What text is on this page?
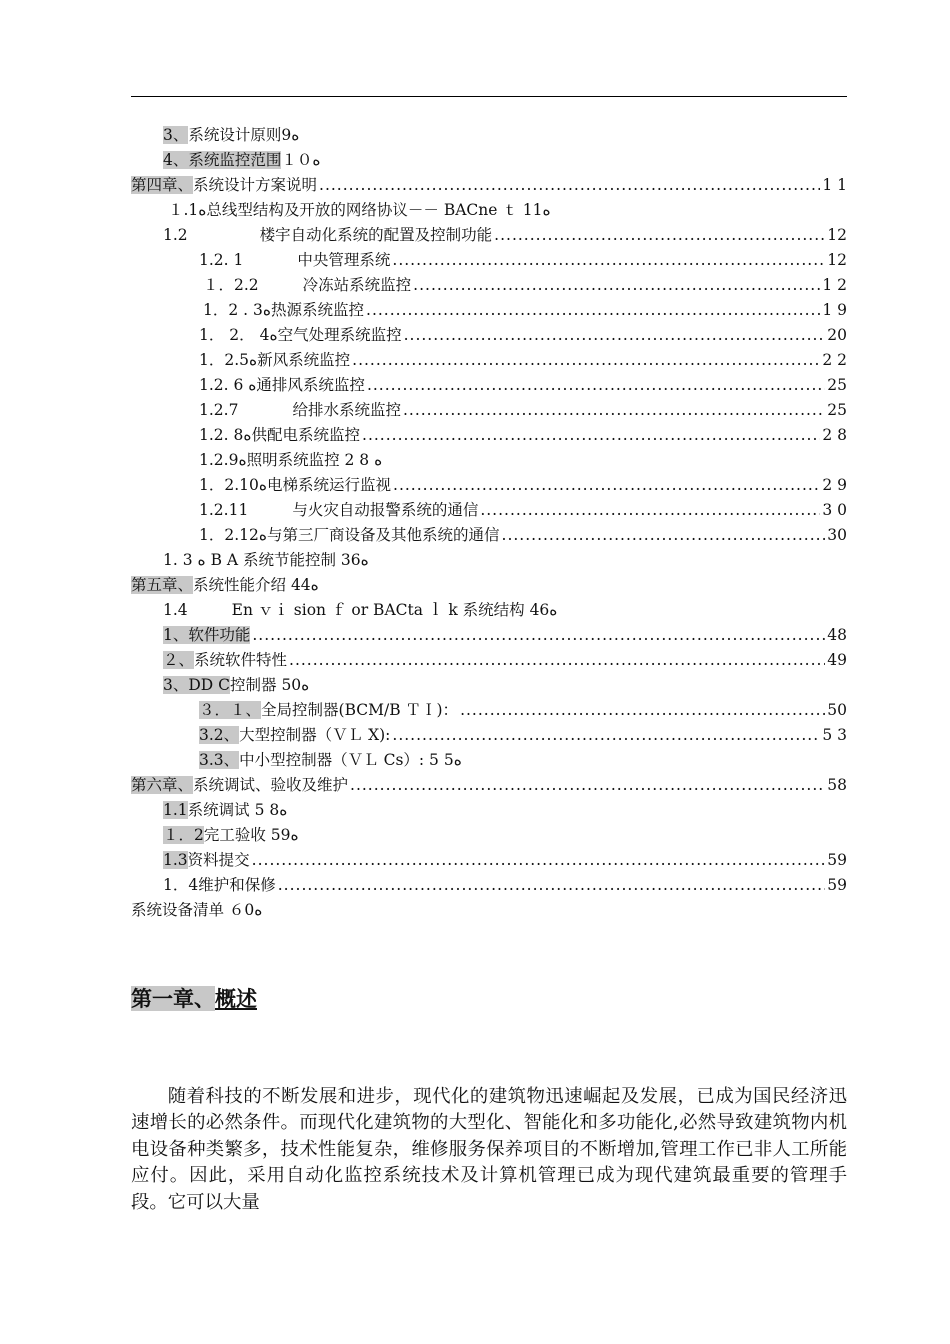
3、系统设计原则9ه
4、系统监控范围１０ه
第四章、系统设计方案说明 .....	1 1
１.1ه总线型结构及开放的网络协议－－ BACne ｔ 11ه
1.2	楼宇自动化系统的配置及控制功能 .....	12
1.2. 1	中央管理系统 .....	12
１．2.2	冷冻站系统监控 .....	1 2
1．2 . 3ه热源系统监控 .....	1 9
1． 2． 4ه空气处理系统监控 .....	20
1．2.5ه新风系统监控 .....	2 2
1.2. 6 ه通排风系统监控 .....	25
1.2.7	给排水系统监控 .....	25
1.2. 8ه供配电系统监控 .....	2 8
1.2.9ه照明系统监控 2 8 ه
1．2.10ه电梯系统运行监视 .....	2 9
1.2.11	与火灾自动报警系统的通信 .....	3 0
1．2.12ه与第三厂商设备及其他系统的通信 .....	30
1. 3 ه B A 系统节能控制 36ه
第五章、系统性能介绍 44ه
1.4	En ｖｉ sion ｆ or BACta ｌ k 系统结构 46ه
1、软件功能 .....	48
２、系统软件特性 .....	49
3、DD C控制器 50ه
３．１、全局控制器(BCM/B ＴＩ)： .....	50
3.2、大型控制器（ＶＬ X): .....	5 3
3.3、中小型控制器（ＶＬ Cs）: 5 5ه
第六章、系统调试、验收及维护 .....	58
1.1系统调试 5 8ه
１．2完工验收 59ه
1.3资料提交 .....	59
1．4维护和保修 .....	59
系统设备清单 ６0ه
第一章、概述
随着科技的不断发展和进步，现代化的建筑物迅速崛起及发展，已成为国民经济迅速增长的必然条件。而现代化建筑物的大型化、智能化和多功能化,必然导致建筑物内机电设备种类繁多，技术性能复杂，维修服务保养项目的不断增加,管理工作已非人工所能应付。因此，采用自动化监控系统技术及计算机管理已成为现代建筑最重要的管理手段。它可以大量
